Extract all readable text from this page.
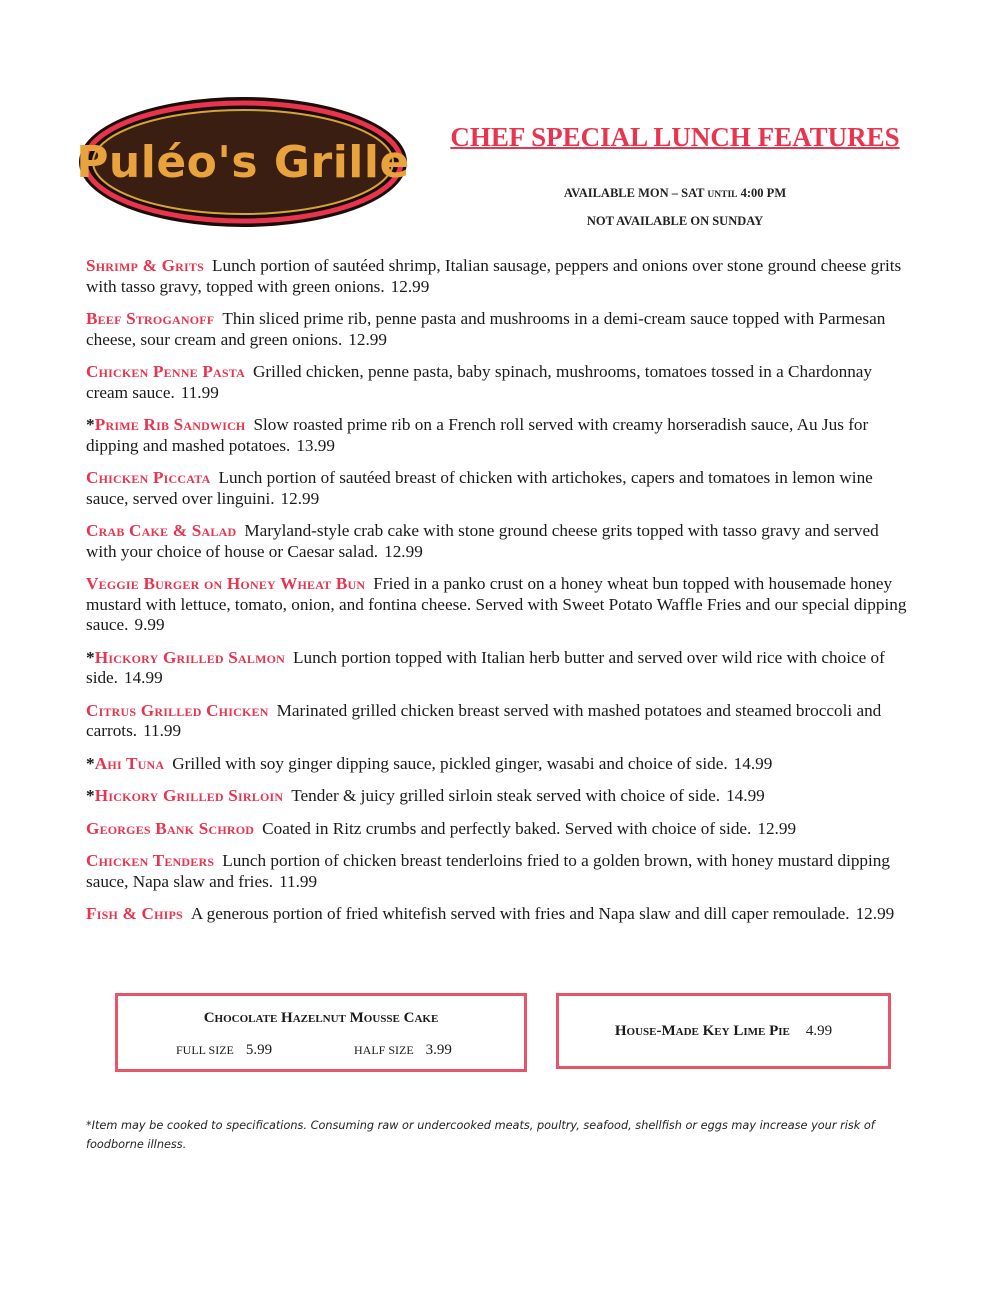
Puléo's Grille	CHEF SPECIAL LUNCH FEATURES
AVAILABLE MON – SAT UNTIL 4:00 PM
NOT AVAILABLE ON SUNDAY
Shrimp & Grits Lunch portion of sautéed shrimp, Italian sausage, peppers and onions over stone ground cheese grits with tasso gravy, topped with green onions. 12.99
Beef Stroganoff Thin sliced prime rib, penne pasta and mushrooms in a demi-cream sauce topped with Parmesan cheese, sour cream and green onions. 12.99
Chicken Penne Pasta Grilled chicken, penne pasta, baby spinach, mushrooms, tomatoes tossed in a Chardonnay cream sauce. 11.99
*Prime Rib Sandwich Slow roasted prime rib on a French roll served with creamy horseradish sauce, Au Jus for dipping and mashed potatoes. 13.99
Chicken Piccata Lunch portion of sautéed breast of chicken with artichokes, capers and tomatoes in lemon wine sauce, served over linguini. 12.99
Crab Cake & Salad Maryland-style crab cake with stone ground cheese grits topped with tasso gravy and served with your choice of house or Caesar salad. 12.99
Veggie Burger on Honey Wheat Bun Fried in a panko crust on a honey wheat bun topped with housemade honey mustard with lettuce, tomato, onion, and fontina cheese. Served with Sweet Potato Waffle Fries and our special dipping sauce. 9.99
*Hickory Grilled Salmon Lunch portion topped with Italian herb butter and served over wild rice with choice of side. 14.99
Citrus Grilled Chicken Marinated grilled chicken breast served with mashed potatoes and steamed broccoli and carrots. 11.99
*Ahi Tuna Grilled with soy ginger dipping sauce, pickled ginger, wasabi and choice of side. 14.99
*Hickory Grilled Sirloin Tender & juicy grilled sirloin steak served with choice of side. 14.99
Georges Bank Schrod Coated in Ritz crumbs and perfectly baked. Served with choice of side. 12.99
Chicken Tenders Lunch portion of chicken breast tenderloins fried to a golden brown, with honey mustard dipping sauce, Napa slaw and fries. 11.99
Fish & Chips A generous portion of fried whitefish served with fries and Napa slaw and dill caper remoulade. 12.99
Chocolate Hazelnut Mousse Cake
FULL SIZE 5.99	HALF SIZE 3.99
House-Made Key Lime Pie 4.99

*Item may be cooked to specifications. Consuming raw or undercooked meats, poultry, seafood, shellfish or eggs may increase your risk of foodborne illness.
